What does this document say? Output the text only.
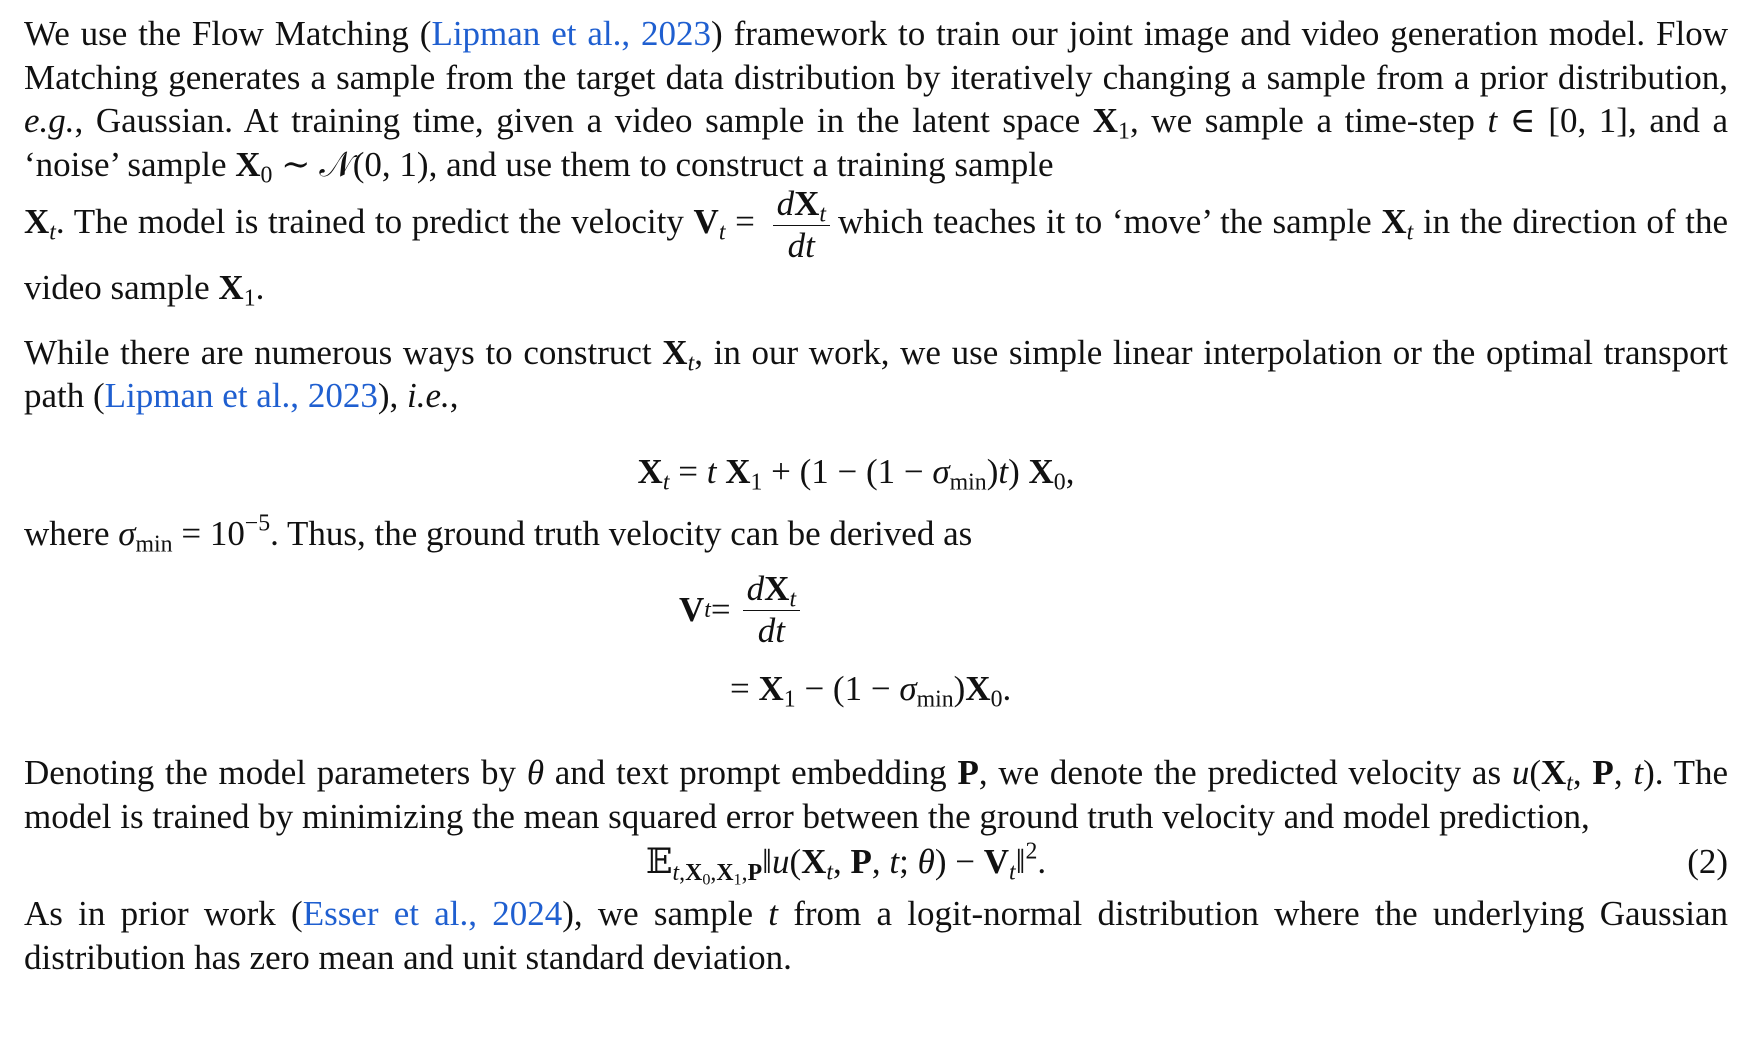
We use the Flow Matching (Lipman et al., 2023) framework to train our joint image and video generation model. Flow Matching generates a sample from the target data distribution by iteratively changing a sample from a prior distribution, e.g., Gaussian. At training time, given a video sample in the latent space $X_1$, we sample a time-step t ∈ [0, 1], and a ‘noise’ sample $X_0$ ∼ 𝒩(0, 1), and use them to construct a training sample
$X_t$. The model is trained to predict the velocity $V_t = \frac{dX_t}{dt}$ which teaches it to ‘move’ the sample $X_t$ in the direction of the video sample $X_1$.

While there are numerous ways to construct $X_t$, in our work, we use simple linear interpolation or the optimal transport path (Lipman et al., 2023), i.e.,

$X_t = t$ $X_1 + (1 - (1 - \sigma_{min})t)$ $X_0$,

where $\sigma_{min} = 10^{-5}$. Thus, the ground truth velocity can be derived as

V $t = \frac{dX_t}{dt}$
= $X_1 - (1 - \sigma_{min})X_0$.

Denoting the model parameters by θ and text prompt embedding P, we denote the predicted velocity as $u(X_t$, P, t). The model is trained by minimizing the mean squared error between the ground truth velocity and model prediction,

$𝔼_{t,X_0,X_1,P}‖u(X_t$, P, t; $\theta) - V_t‖^2$.	(2)

As in prior work (Esser et al., 2024), we sample t from a logit-normal distribution where the underlying Gaussian distribution has zero mean and unit standard deviation.
